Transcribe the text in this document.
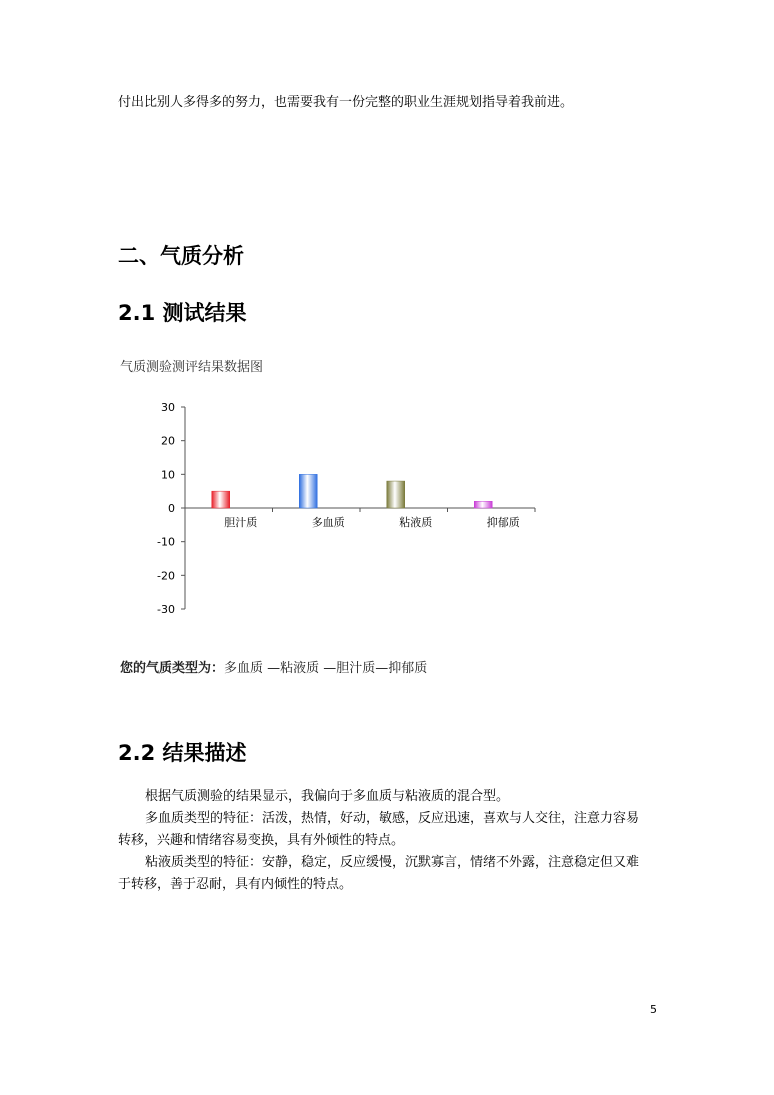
付出比别人多得多的努力，也需要我有一份完整的职业生涯规划指导着我前进。
二、气质分析
2.1 测试结果
气质测验测评结果数据图
30
20
10
0
-10
-20
-30
胆汁质	多血质	粘液质	抑郁质
您的气质类型为：多血质 —粘液质 —胆汁质—抑郁质
2.2 结果描述
根据气质测验的结果显示，我偏向于多血质与粘液质的混合型。
多血质类型的特征：活泼，热情，好动，敏感，反应迅速，喜欢与人交往，注意力容易
转移，兴趣和情绪容易变换，具有外倾性的特点。
粘液质类型的特征：安静，稳定，反应缓慢，沉默寡言，情绪不外露，注意稳定但又难
于转移，善于忍耐，具有内倾性的特点。
5
